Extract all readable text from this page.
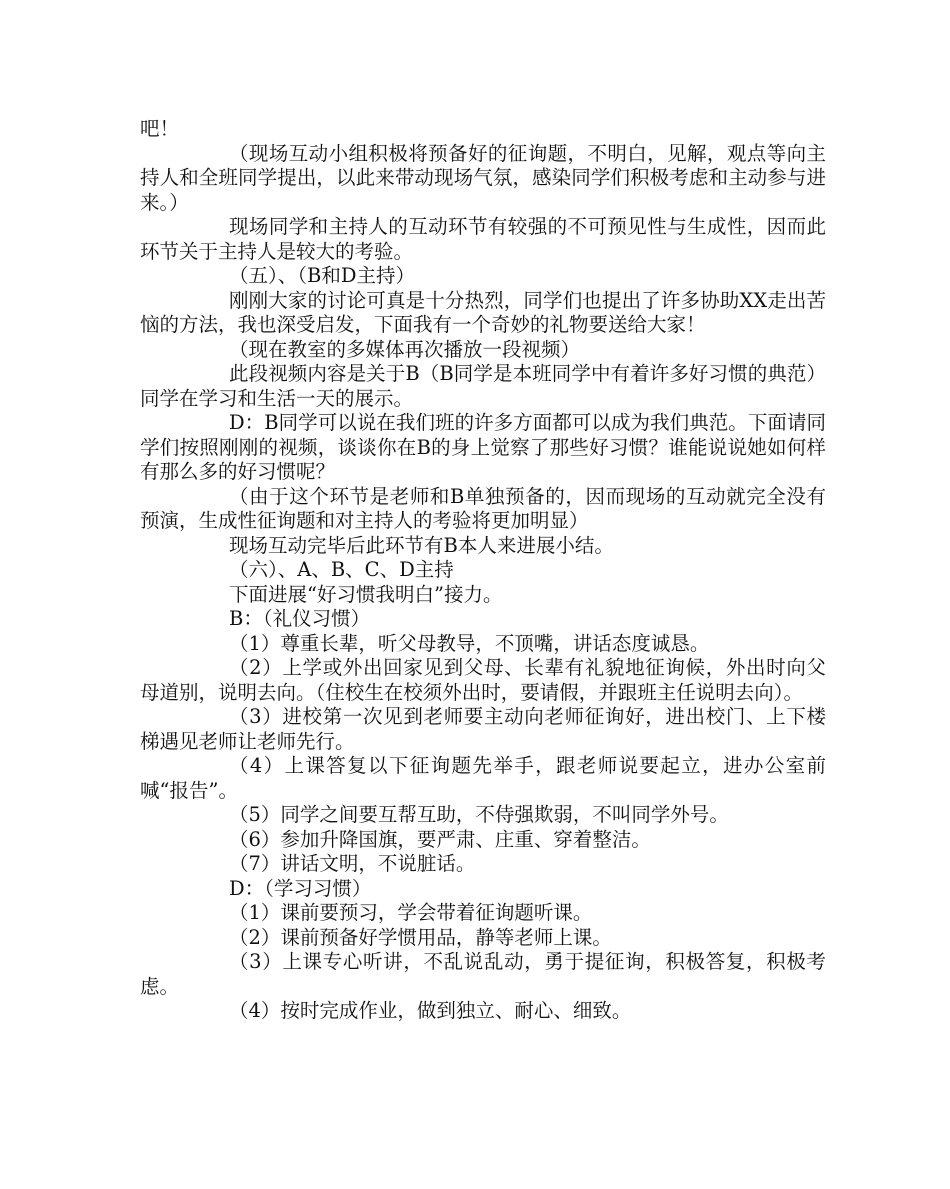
吧！

（现场互动小组积极将预备好的征询题，不明白，见解，观点等向主持人和全班同学提出，以此来带动现场气氛，感染同学们积极考虑和主动参与进来。）

现场同学和主持人的互动环节有较强的不可预见性与生成性，因而此环节关于主持人是较大的考验。

（五）、（B和D主持）

刚刚大家的讨论可真是十分热烈，同学们也提出了许多协助XX走出苦恼的方法，我也深受启发，下面我有一个奇妙的礼物要送给大家！

（现在教室的多媒体再次播放一段视频）

此段视频内容是关于B（B同学是本班同学中有着许多好习惯的典范）同学在学习和生活一天的展示。

D：B同学可以说在我们班的许多方面都可以成为我们典范。下面请同学们按照刚刚的视频，谈谈你在B的身上觉察了那些好习惯？谁能说说她如何样有那么多的好习惯呢？

（由于这个环节是老师和B单独预备的，因而现场的互动就完全没有预演，生成性征询题和对主持人的考验将更加明显）

现场互动完毕后此环节有B本人来进展小结。

（六）、A、B、C、D主持

下面进展“好习惯我明白”接力。

B：（礼仪习惯）

（1）尊重长辈，听父母教导，不顶嘴，讲话态度诚恳。

（2）上学或外出回家见到父母、长辈有礼貌地征询候，外出时向父母道别，说明去向。（住校生在校须外出时，要请假，并跟班主任说明去向）。

（3）进校第一次见到老师要主动向老师征询好，进出校门、上下楼梯遇见老师让老师先行。

（4）上课答复以下征询题先举手，跟老师说要起立，进办公室前喊“报告”。

（5）同学之间要互帮互助，不侍强欺弱，不叫同学外号。

（6）参加升降国旗，要严肃、庄重、穿着整洁。

（7）讲话文明，不说脏话。

D：（学习习惯）

（1）课前要预习，学会带着征询题听课。

（2）课前预备好学惯用品，静等老师上课。

（3）上课专心听讲，不乱说乱动，勇于提征询，积极答复，积极考虑。

（4）按时完成作业，做到独立、耐心、细致。
